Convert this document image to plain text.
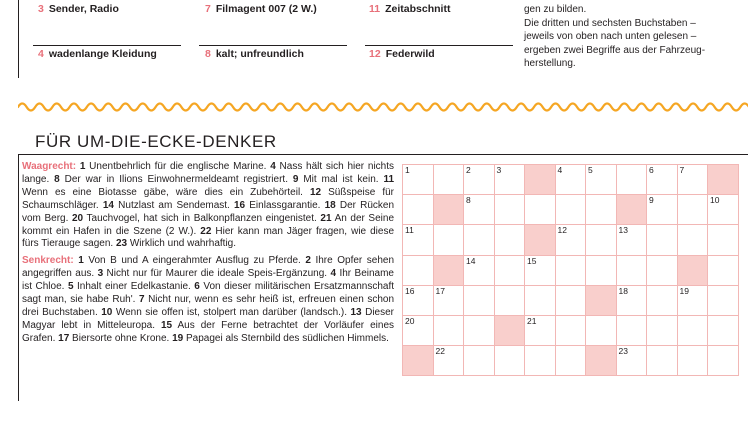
3 Sender, Radio	7 Filmagent 007 (2 W.)	11 Zeitabschnitt
4 wadenlange Kleidung	8 kalt; unfreundlich	12 Federwild
gen zu bilden.
Die dritten und sechsten Buchstaben –
jeweils von oben nach unten gelesen –
ergeben zwei Begriffe aus der Fahrzeug-
herstellung.
FÜR UM-DIE-ECKE-DENKER

Waagrecht: 1 Unentbehrlich für die englische Marine. 4 Nass hält sich hier nichts lange. 8 Der war in Ilions Einwohnermeldeamt registriert. 9 Mit mal ist kein. 11 Wenn es eine Biotasse gäbe, wäre dies ein Zubehörteil. 12 Süßspeise für Schaumschläger. 14 Nutzlast am Sendemast. 16 Einlassgarantie. 18 Der Rücken vom Berg. 20 Tauchvogel, hat sich in Balkonpflanzen eingenistet. 21 An der Seine kommt ein Hafen in die Szene (2 W.). 22 Hier kann man Jäger fragen, wie diese fürs Tierauge sagen. 23 Wirklich und wahrhaftig.

Senkrecht: 1 Von B und A eingerahmter Ausflug zu Pferde. 2 Ihre Opfer sehen angegriffen aus. 3 Nicht nur für Maurer die ideale Speis-Ergänzung. 4 Ihr Beiname ist Chloe. 5 Inhalt einer Edelkastanie. 6 Von dieser militärischen Ersatzmannschaft sagt man, sie habe Ruh'. 7 Nicht nur, wenn es sehr heiß ist, erfreuen einen schon drei Buchstaben. 10 Wenn sie offen ist, stolpert man darüber (landsch.). 13 Dieser Magyar lebt in Mitteleuropa. 15 Aus der Ferne betrachtet der Vorläufer eines Grafen. 17 Biersorte ohne Krone. 19 Papagei als Sternbild des südlichen Himmels.

1		2	3		4	5		6	7	
		8						9		10
11					12		13			
		14		15						
16	17						18		19	
20				21						
	22						23			
